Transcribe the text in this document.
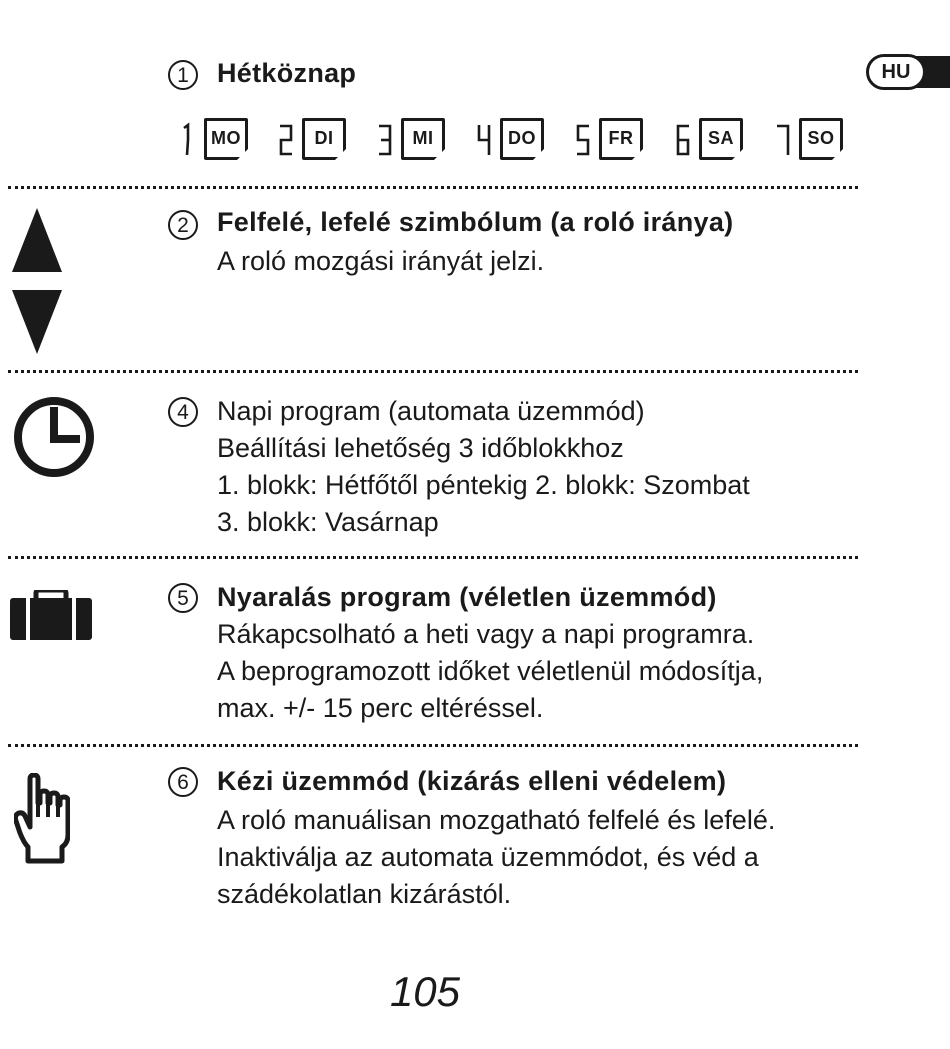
HU
1	Hétköznap
MO	DI	MI	DO	FR	SA	SO
2	Felfelé, lefelé szimbólum (a roló iránya)
A roló mozgási irányát jelzi.
4	Napi program (automata üzemmód)
Beállítási lehetőség 3 időblokkhoz
1. blokk: Hétfőtől péntekig 2. blokk: Szombat
3. blokk: Vasárnap
5	Nyaralás program (véletlen üzemmód)
Rákapcsolható a heti vagy a napi programra.
A beprogramozott időket véletlenül módosítja,
max. +/- 15 perc eltéréssel.
6	Kézi üzemmód (kizárás elleni védelem)
A roló manuálisan mozgatható felfelé és lefelé.
Inaktiválja az automata üzemmódot, és véd a
szádékolatlan kizárástól.
105
